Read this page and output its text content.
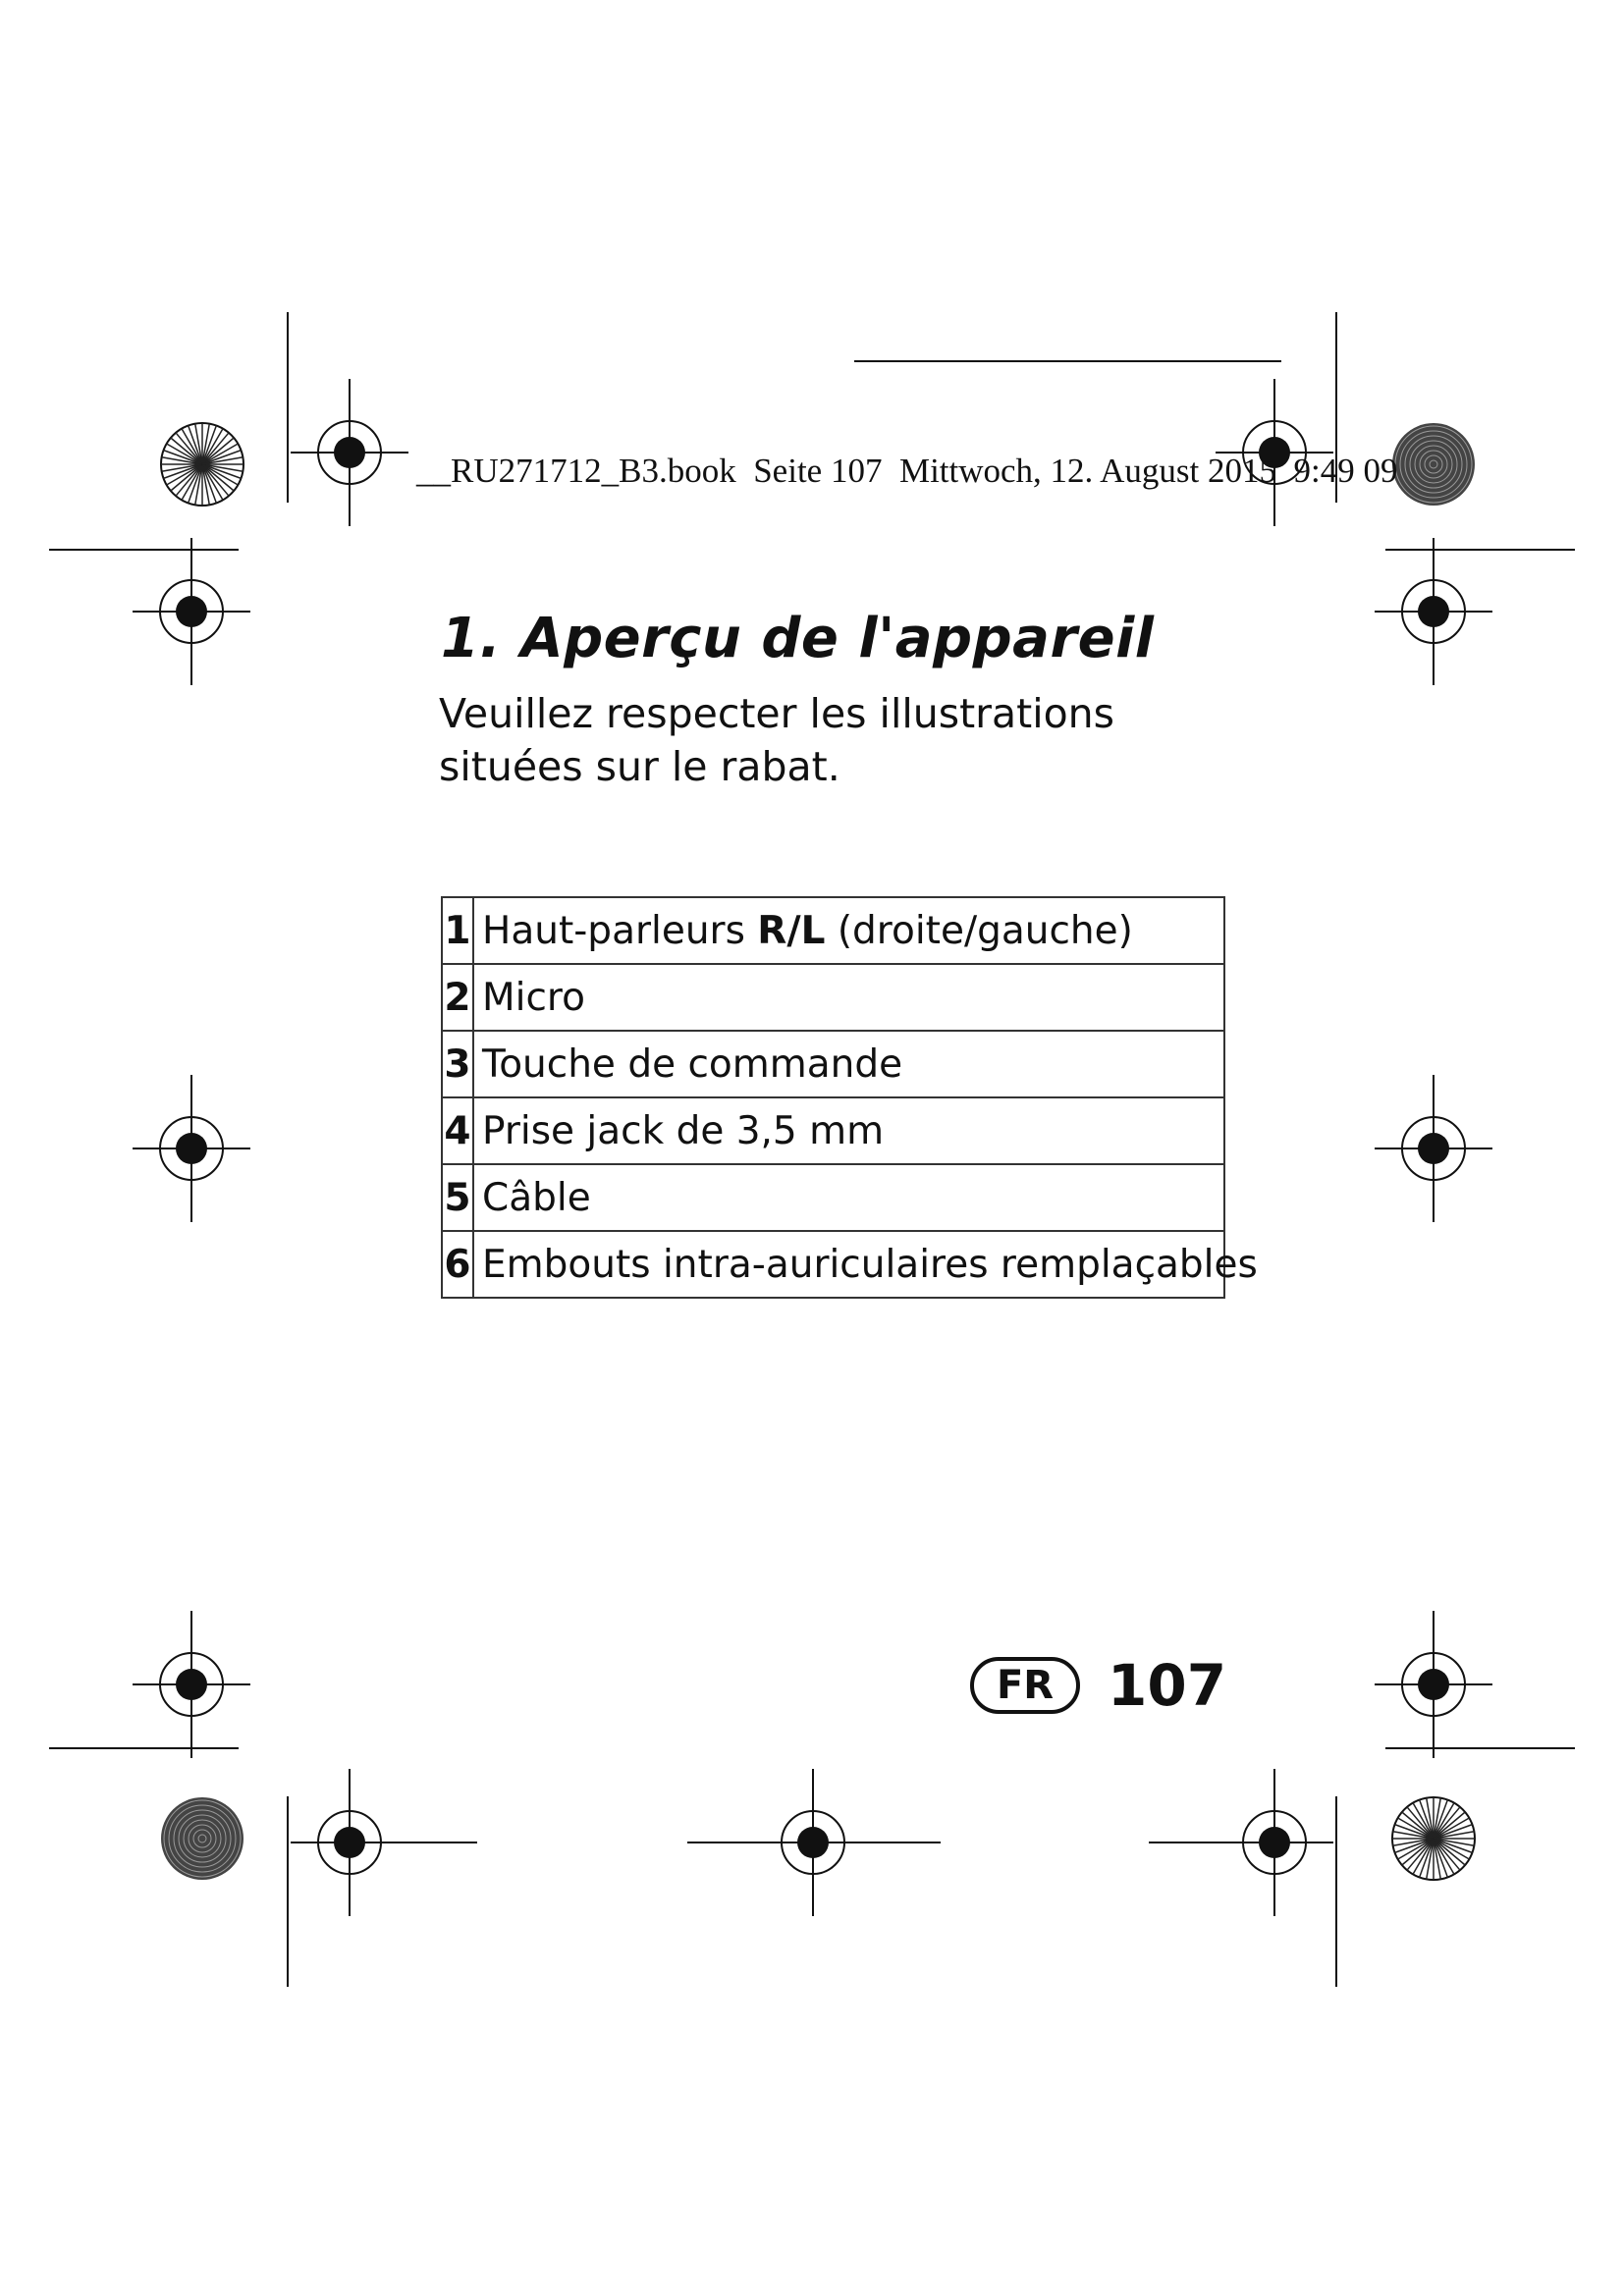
__RU271712_B3.book  Seite 107  Mittwoch, 12. August 2015  9:49 09
1. Aperçu de l'appareil

Veuillez respecter les illustrations situées sur le rabat.

1	Haut-parleurs R/L (droite/gauche)
2	Micro
3	Touche de commande
4	Prise jack de 3,5 mm
5	Câble
6	Embouts intra-auriculaires remplaçables
FR 107
